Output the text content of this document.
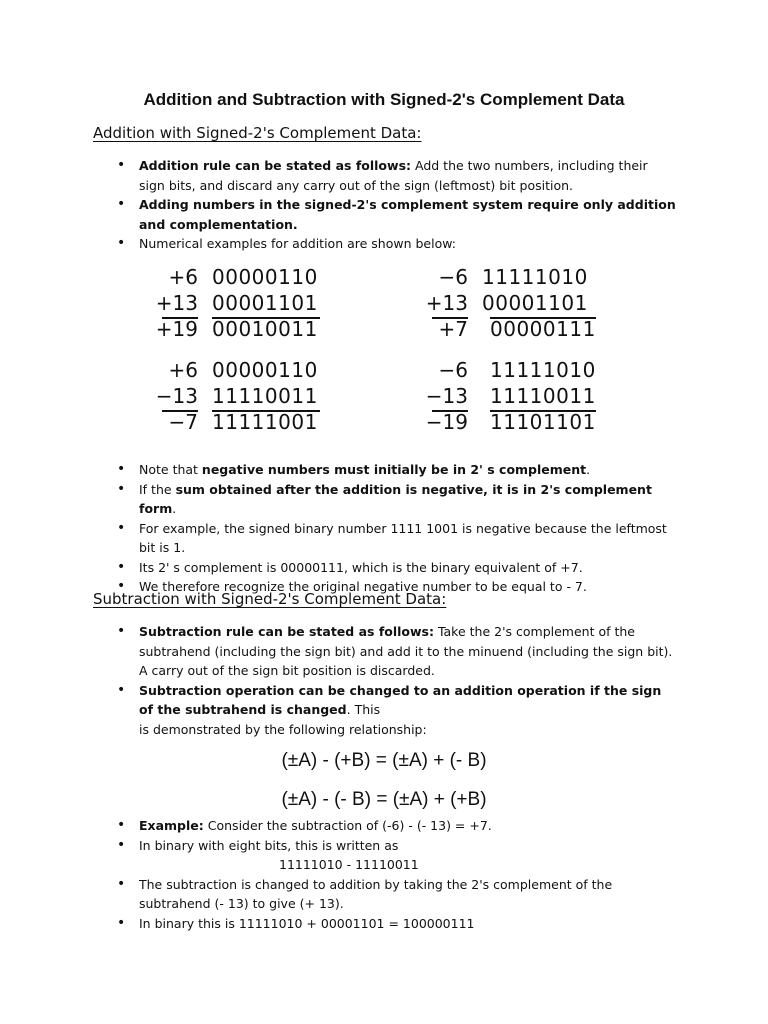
Addition and Subtraction with Signed-2's Complement Data
Addition with Signed-2's Complement Data:
• Addition rule can be stated as follows: Add the two numbers, including their sign bits, and discard any carry out of the sign (leftmost) bit position.
• Adding numbers in the signed-2's complement system require only addition and complementation.
• Numerical examples for addition are shown below:
+6 00000110
+13 00001101
+19 00010011
−6 11111010
+13 00001101
+7 00000111
+6 00000110
−13 11110011
−7 11111001
−6 11111010
−13 11110011
−19 11101101
• Note that negative numbers must initially be in 2' s complement.
• If the sum obtained after the addition is negative, it is in 2's complement form.
• For example, the signed binary number 1111 1001 is negative because the leftmost bit is 1.
• Its 2' s complement is 00000111, which is the binary equivalent of +7.
• We therefore recognize the original negative number to be equal to - 7.
Subtraction with Signed-2's Complement Data:
• Subtraction rule can be stated as follows: Take the 2's complement of the subtrahend (including the sign bit) and add it to the minuend (including the sign bit). A carry out of the sign bit position is discarded.
• Subtraction operation can be changed to an addition operation if the sign of the subtrahend is changed. This
is demonstrated by the following relationship:

(±A) - (+B) = (±A) + (- B)

(±A) - (- B) = (±A) + (+B)

• Example: Consider the subtraction of (-6) - (- 13) = +7.
• In binary with eight bits, this is written as
11111010 - 11110011
• The subtraction is changed to addition by taking the 2's complement of the subtrahend (- 13) to give (+ 13).
• In binary this is 11111010 + 00001101 = 100000111
